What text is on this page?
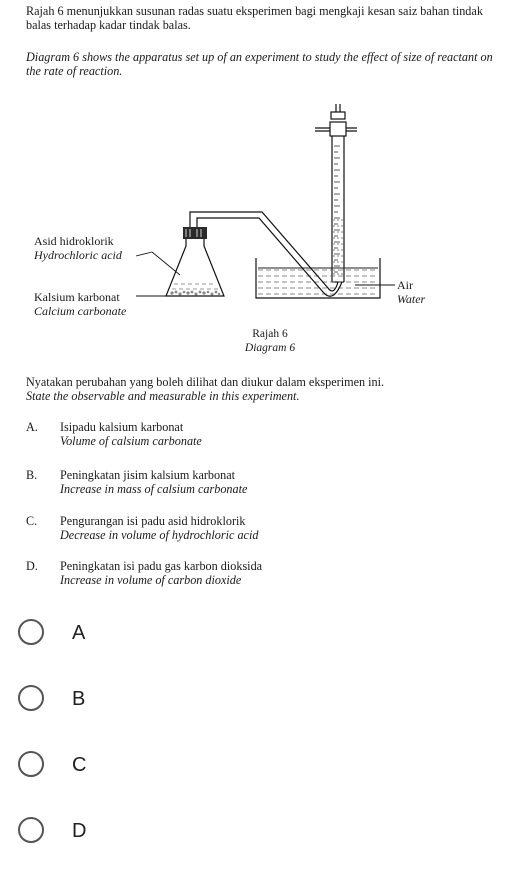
Rajah 6 menunjukkan susunan radas suatu eksperimen bagi mengkaji kesan saiz bahan tindak balas terhadap kadar tindak balas.
Diagram 6 shows the apparatus set up of an experiment to study the effect of size of reactant on the rate of reaction.
Asid hidroklorik
Hydrochloric acid
Kalsium karbonat
Calcium carbonate
Air
Water
Rajah 6
Diagram 6
Nyatakan perubahan yang boleh dilihat dan diukur dalam eksperimen ini.
State the observable and measurable in this experiment.
A. Isipadu kalsium karbonat
Volume of calsium carbonate
B. Peningkatan jisim kalsium karbonat
Increase in mass of calsium carbonate
C. Pengurangan isi padu asid hidroklorik
Decrease in volume of hydrochloric acid
D. Peningkatan isi padu gas karbon dioksida
Increase in volume of carbon dioxide
A
B
C
D
